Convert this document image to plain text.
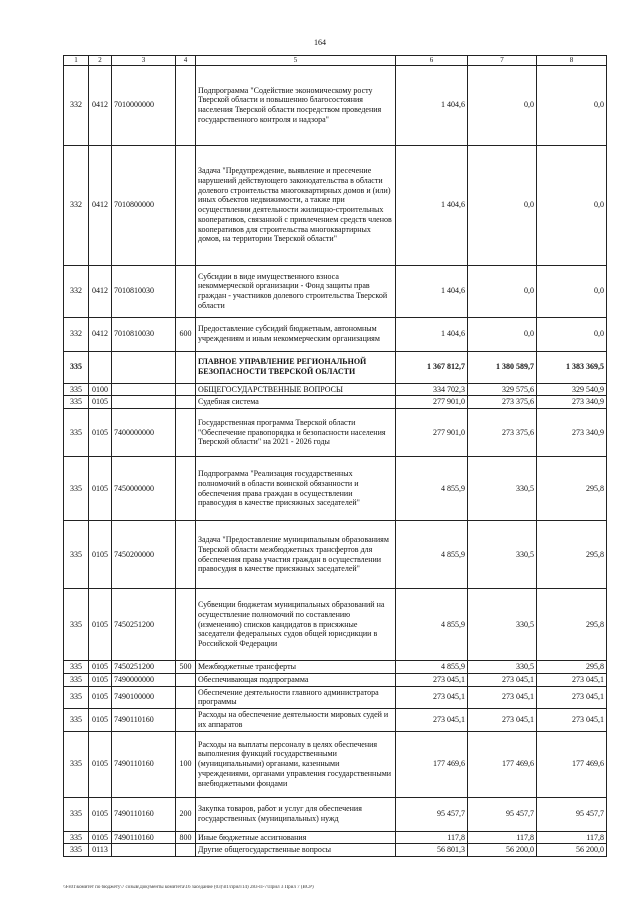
164
1	2	3	4	5	6	7	8
332	0412	7010000000		Подпрограмма "Содействие экономическому росту Тверской области и повышению благосостояния населения Тверской области посредством проведения государственного контроля и надзора"	1 404,6	0,0	0,0
332	0412	7010800000		Задача "Предупреждение, выявление и пресечение нарушений действующего законодательства в области долевого строительства многоквартирных домов и (или) иных объектов недвижимости, а также при осуществлении деятельности жилищно-строительных кооперативов, связанной с привлечением средств членов кооперативов для строительства многоквартирных домов, на территории Тверской области"	1 404,6	0,0	0,0
332	0412	7010810030		Субсидии в виде имущественного взноса некоммерческой организации - Фонд защиты прав граждан - участников долевого строительства Тверской области	1 404,6	0,0	0,0
332	0412	7010810030	600	Предоставление субсидий бюджетным, автономным учреждениям и иным некоммерческим организациям	1 404,6	0,0	0,0
335				ГЛАВНОЕ УПРАВЛЕНИЕ РЕГИОНАЛЬНОЙ БЕЗОПАСНОСТИ ТВЕРСКОЙ ОБЛАСТИ	1 367 812,7	1 380 589,7	1 383 369,5
335	0100			ОБЩЕГОСУДАРСТВЕННЫЕ ВОПРОСЫ	334 702,3	329 575,6	329 540,9
335	0105			Судебная система	277 901,0	273 375,6	273 340,9
335	0105	7400000000		Государственная программа Тверской области "Обеспечение правопорядка и безопасности населения Тверской области" на 2021 - 2026 годы	277 901,0	273 375,6	273 340,9
335	0105	7450000000		Подпрограмма "Реализация государственных полномочий в области воинской обязанности и обеспечения права граждан в осуществлении правосудия в качестве присяжных заседателей"	4 855,9	330,5	295,8
335	0105	7450200000		Задача "Предоставление муниципальным образованиям Тверской области межбюджетных трансфертов для обеспечения права участия граждан в осуществлении правосудия в качестве присяжных заседателей"	4 855,9	330,5	295,8
335	0105	7450251200		Субвенции бюджетам муниципальных образований на осуществление полномочий по составлению (изменению) списков кандидатов в присяжные заседатели федеральных судов общей юрисдикции в Российской Федерации	4 855,9	330,5	295,8
335	0105	7450251200	500	Межбюджетные трансферты	4 855,9	330,5	295,8
335	0105	7490000000		Обеспечивающая подпрограмма	273 045,1	273 045,1	273 045,1
335	0105	7490100000		Обеспечение деятельности главного администратора программы	273 045,1	273 045,1	273 045,1
335	0105	7490110160		Расходы на обеспечение деятельности мировых судей и их аппаратов	273 045,1	273 045,1	273 045,1
335	0105	7490110160	100	Расходы на выплаты персоналу в целях обеспечения выполнения функций государственными (муниципальными) органами, казенными учреждениями, органами управления государственными внебюджетными фондами	177 469,6	177 469,6	177 469,6
335	0105	7490110160	200	Закупка товаров, работ и услуг для обеспечения государственных (муниципальных) нужд	95 457,7	95 457,7	95 457,7
335	0105	7490110160	800	Иные бюджетные ассигнования	117,8	117,8	117,8
335	0113			Другие общегосударственные вопросы	56 801,3	56 200,0	56 200,0
\\Fs01\комитет по бюджету\7 созыв\Документы комитета\16 заседание (03)\п1\прил\14) 283-П-7\Прил 3 Прил 7 (ВСР)
